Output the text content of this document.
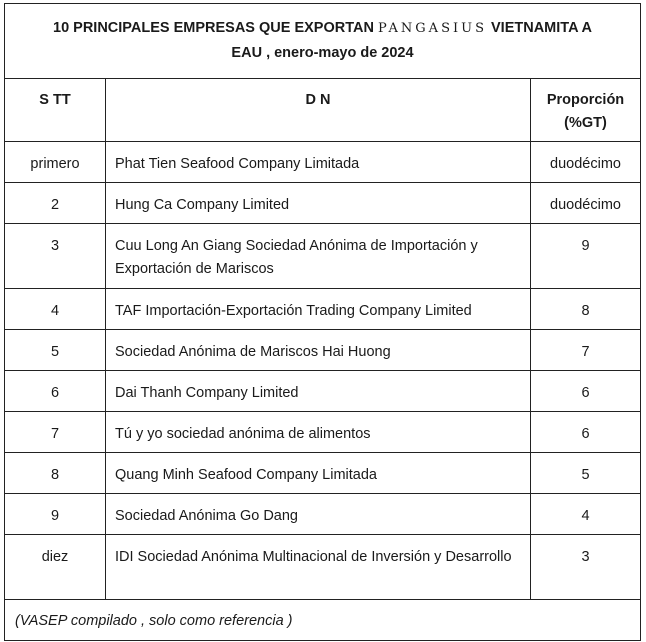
10 PRINCIPALES EMPRESAS QUE EXPORTAN PANGASIUS VIETNAMITA A
EAU , enero-mayo de 2024		
S TT	D N	Proporción
(%GT)
primero	Phat Tien Seafood Company Limitada	duodécimo
2	Hung Ca Company Limited	duodécimo
3	Cuu Long An Giang Sociedad Anónima de Importación y Exportación de Mariscos	9
4	TAF Importación-Exportación Trading Company Limited	8
5	Sociedad Anónima de Mariscos Hai Huong	7
6	Dai Thanh Company Limited	6
7	Tú y yo sociedad anónima de alimentos	6
8	Quang Minh Seafood Company Limitada	5
9	Sociedad Anónima Go Dang	4
diez	IDI Sociedad Anónima Multinacional de Inversión y Desarrollo	3
(VASEP compilado , solo como referencia )		
